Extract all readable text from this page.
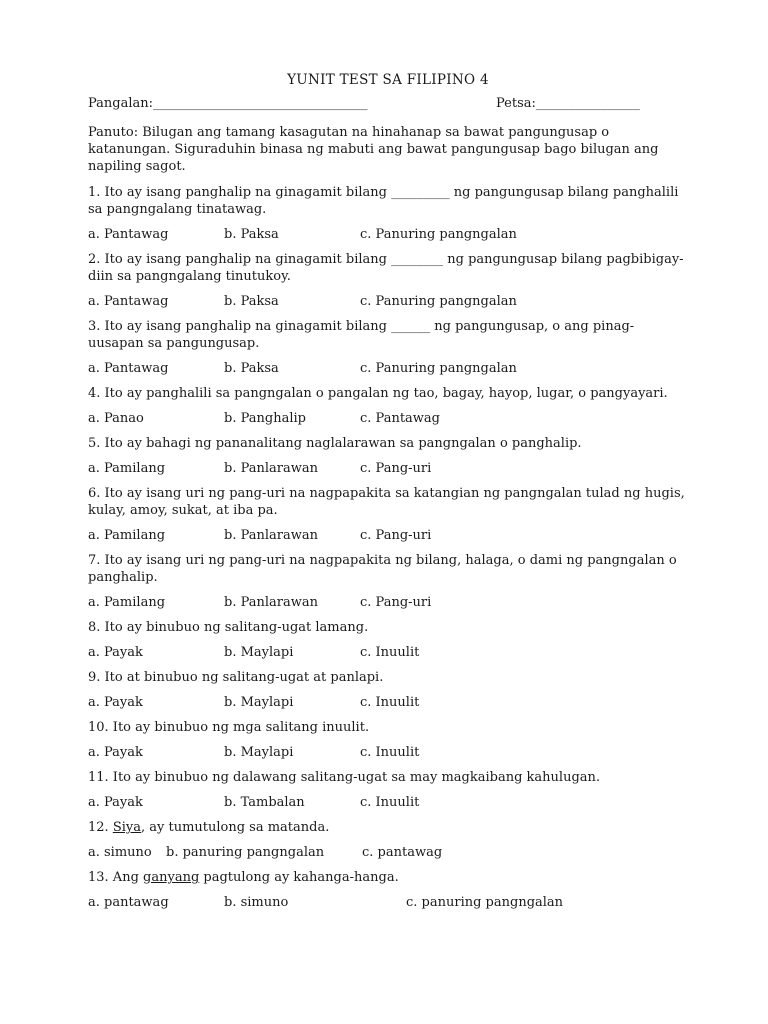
YUNIT TEST SA FILIPINO 4
Pangalan:_________________________________	Petsa:________________
Panuto: Bilugan ang tamang kasagutan na hinahanap sa bawat pangungusap o katanungan. Siguraduhin binasa ng mabuti ang bawat pangungusap bago bilugan ang napiling sagot.
1. Ito ay isang panghalip na ginagamit bilang _________ ng pangungusap bilang panghalili sa pangngalang tinatawag.
a. Pantawag	b. Paksa	c. Panuring pangngalan
2. Ito ay isang panghalip na ginagamit bilang ________ ng pangungusap bilang pagbibigay-diin sa pangngalang tinutukoy.
a. Pantawag	b. Paksa	c. Panuring pangngalan
3. Ito ay isang panghalip na ginagamit bilang ______ ng pangungusap, o ang pinag-uusapan sa pangungusap.
a. Pantawag	b. Paksa	c. Panuring pangngalan
4. Ito ay panghalili sa pangngalan o pangalan ng tao, bagay, hayop, lugar, o pangyayari.
a. Panao	b. Panghalip	c. Pantawag
5. Ito ay bahagi ng pananalitang naglalarawan sa pangngalan o panghalip.
a. Pamilang	b. Panlarawan	c. Pang-uri
6. Ito ay isang uri ng pang-uri na nagpapakita sa katangian ng pangngalan tulad ng hugis, kulay, amoy, sukat, at iba pa.
a. Pamilang	b. Panlarawan	c. Pang-uri
7. Ito ay isang uri ng pang-uri na nagpapakita ng bilang, halaga, o dami ng pangngalan o panghalip.
a. Pamilang	b. Panlarawan	c. Pang-uri
8. Ito ay binubuo ng salitang-ugat lamang.
a. Payak	b. Maylapi	c. Inuulit
9. Ito at binubuo ng salitang-ugat at panlapi.
a. Payak	b. Maylapi	c. Inuulit
10. Ito ay binubuo ng mga salitang inuulit.
a. Payak	b. Maylapi	c. Inuulit
11. Ito ay binubuo ng dalawang salitang-ugat sa may magkaibang kahulugan.
a. Payak	b. Tambalan	c. Inuulit
12. Siya, ay tumutulong sa matanda.
a. simuno b. panuring pangngalan	c. pantawag
13. Ang ganyang pagtulong ay kahanga-hanga.
a. pantawag	b. simuno	c. panuring pangngalan
